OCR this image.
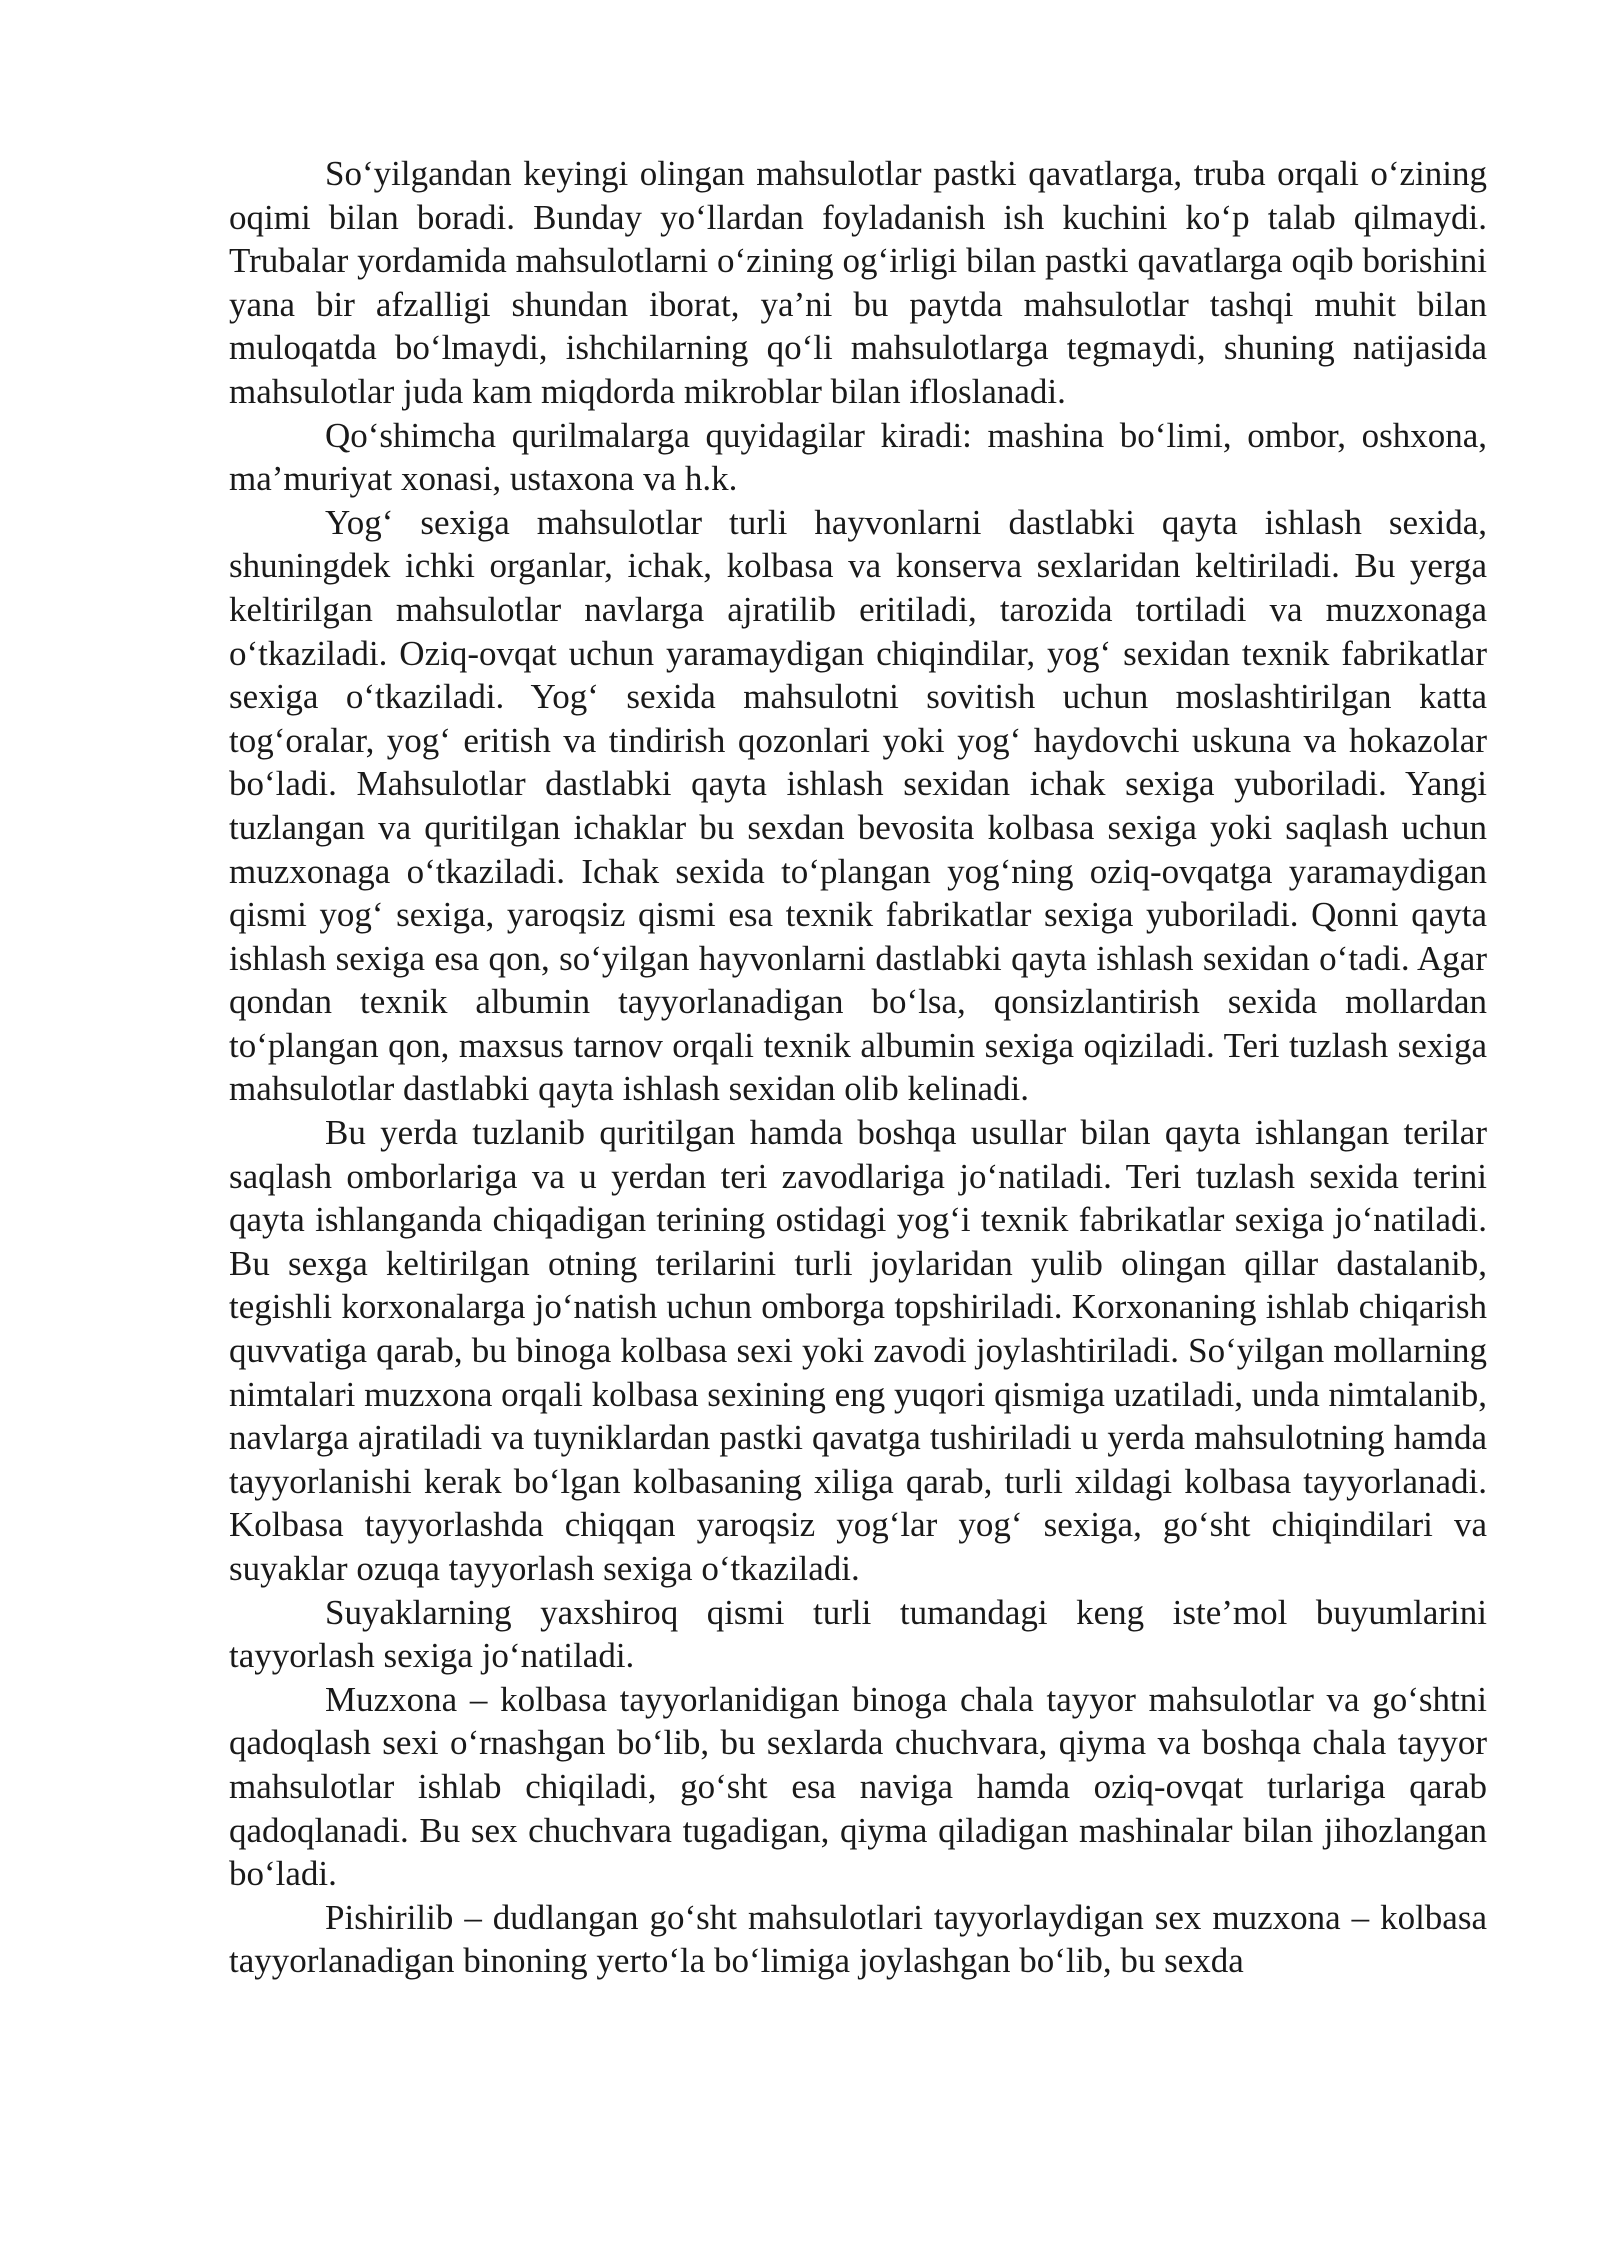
So‘yilgandan keyingi olingan mahsulotlar pastki qavatlarga, truba orqali o‘zining oqimi bilan boradi. Bunday yo‘llardan foyladanish ish kuchini ko‘p talab qilmaydi. Trubalar yordamida mahsulotlarni o‘zining og‘irligi bilan pastki qavatlarga oqib borishini yana bir afzalligi shundan iborat, ya’ni bu paytda mahsulotlar tashqi muhit bilan muloqatda bo‘lmaydi, ishchilarning qo‘li mahsulotlarga tegmaydi, shuning natijasida mahsulotlar juda kam miqdorda mikroblar bilan ifloslanadi.

Qo‘shimcha qurilmalarga quyidagilar kiradi: mashina bo‘limi, ombor, oshxona, ma’muriyat xonasi, ustaxona va h.k.

Yog‘ sexiga mahsulotlar turli hayvonlarni dastlabki qayta ishlash sexida, shuningdek ichki organlar, ichak, kolbasa va konserva sexlaridan keltiriladi. Bu yerga keltirilgan mahsulotlar navlarga ajratilib eritiladi, tarozida tortiladi va muzxonaga o‘tkaziladi. Oziq-ovqat uchun yaramaydigan chiqindilar, yog‘ sexidan texnik fabrikatlar sexiga o‘tkaziladi. Yog‘ sexida mahsulotni sovitish uchun moslashtirilgan katta tog‘oralar, yog‘ eritish va tindirish qozonlari yoki yog‘ haydovchi uskuna va hokazolar bo‘ladi. Mahsulotlar dastlabki qayta ishlash sexidan ichak sexiga yuboriladi. Yangi tuzlangan va quritilgan ichaklar bu sexdan bevosita kolbasa sexiga yoki saqlash uchun muzxonaga o‘tkaziladi. Ichak sexida to‘plangan yog‘ning oziq-ovqatga yaramaydigan qismi yog‘ sexiga, yaroqsiz qismi esa texnik fabrikatlar sexiga yuboriladi. Qonni qayta ishlash sexiga esa qon, so‘yilgan hayvonlarni dastlabki qayta ishlash sexidan o‘tadi. Agar qondan texnik albumin tayyorlanadigan bo‘lsa, qonsizlantirish sexida mollardan to‘plangan qon, maxsus tarnov orqali texnik albumin sexiga oqiziladi. Teri tuzlash sexiga mahsulotlar dastlabki qayta ishlash sexidan olib kelinadi.

Bu yerda tuzlanib quritilgan hamda boshqa usullar bilan qayta ishlangan terilar saqlash omborlariga va u yerdan teri zavodlariga jo‘natiladi. Teri tuzlash sexida terini qayta ishlanganda chiqadigan terining ostidagi yog‘i texnik fabrikatlar sexiga jo‘natiladi. Bu sexga keltirilgan otning terilarini turli joylaridan yulib olingan qillar dastalanib, tegishli korxonalarga jo‘natish uchun omborga topshiriladi. Korxonaning ishlab chiqarish quvvatiga qarab, bu binoga kolbasa sexi yoki zavodi joylashtiriladi. So‘yilgan mollarning nimtalari muzxona orqali kolbasa sexining eng yuqori qismiga uzatiladi, unda nimtalanib, navlarga ajratiladi va tuyniklardan pastki qavatga tushiriladi u yerda mahsulotning hamda tayyorlanishi kerak bo‘lgan kolbasaning xiliga qarab, turli xildagi kolbasa tayyorlanadi. Kolbasa tayyorlashda chiqqan yaroqsiz yog‘lar yog‘ sexiga, go‘sht chiqindilari va suyaklar ozuqa tayyorlash sexiga o‘tkaziladi.

Suyaklarning yaxshiroq qismi turli tumandagi keng iste’mol buyumlarini tayyorlash sexiga jo‘natiladi.

Muzxona – kolbasa tayyorlanidigan binoga chala tayyor mahsulotlar va go‘shtni qadoqlash sexi o‘rnashgan bo‘lib, bu sexlarda chuchvara, qiyma va boshqa chala tayyor mahsulotlar ishlab chiqiladi, go‘sht esa naviga hamda oziq-ovqat turlariga qarab qadoqlanadi. Bu sex chuchvara tugadigan, qiyma qiladigan mashinalar bilan jihozlangan bo‘ladi.

Pishirilib – dudlangan go‘sht mahsulotlari tayyorlaydigan sex muzxona – kolbasa tayyorlanadigan binoning yerto‘la bo‘limiga joylashgan bo‘lib, bu sexda
